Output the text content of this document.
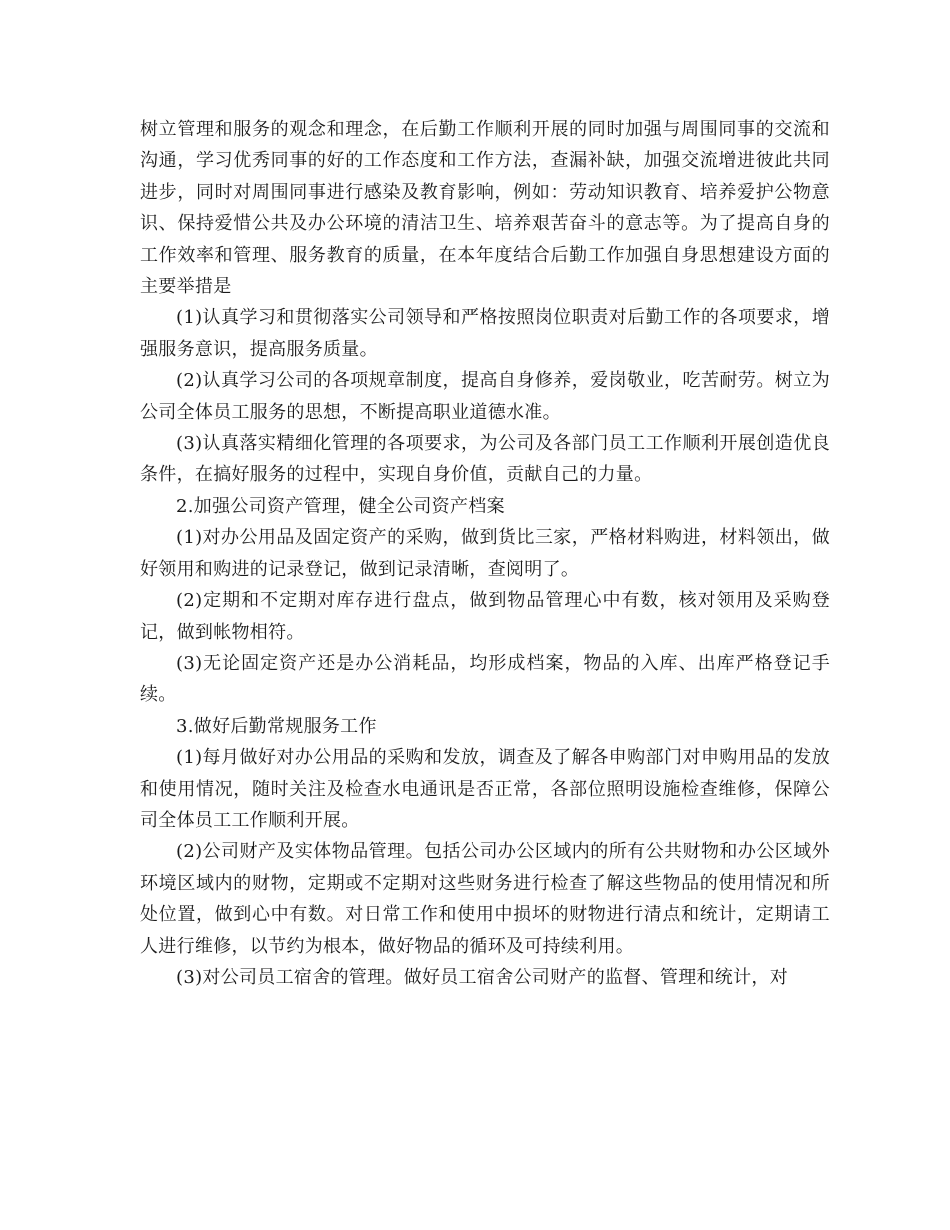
树立管理和服务的观念和理念，在后勤工作顺利开展的同时加强与周围同事的交流和沟通，学习优秀同事的好的工作态度和工作方法，查漏补缺，加强交流增进彼此共同进步，同时对周围同事进行感染及教育影响，例如：劳动知识教育、培养爱护公物意识、保持爱惜公共及办公环境的清洁卫生、培养艰苦奋斗的意志等。为了提高自身的工作效率和管理、服务教育的质量，在本年度结合后勤工作加强自身思想建设方面的主要举措是

(1)认真学习和贯彻落实公司领导和严格按照岗位职责对后勤工作的各项要求，增强服务意识，提高服务质量。

(2)认真学习公司的各项规章制度，提高自身修养，爱岗敬业，吃苦耐劳。树立为公司全体员工服务的思想，不断提高职业道德水准。

(3)认真落实精细化管理的各项要求，为公司及各部门员工工作顺利开展创造优良条件，在搞好服务的过程中，实现自身价值，贡献自己的力量。

2.加强公司资产管理，健全公司资产档案

(1)对办公用品及固定资产的采购，做到货比三家，严格材料购进，材料领出，做好领用和购进的记录登记，做到记录清晰，查阅明了。

(2)定期和不定期对库存进行盘点，做到物品管理心中有数，核对领用及采购登记，做到帐物相符。

(3)无论固定资产还是办公消耗品，均形成档案，物品的入库、出库严格登记手续。

3.做好后勤常规服务工作

(1)每月做好对办公用品的采购和发放，调查及了解各申购部门对申购用品的发放和使用情况，随时关注及检查水电通讯是否正常，各部位照明设施检查维修，保障公司全体员工工作顺利开展。

(2)公司财产及实体物品管理。包括公司办公区域内的所有公共财物和办公区域外环境区域内的财物，定期或不定期对这些财务进行检查了解这些物品的使用情况和所处位置，做到心中有数。对日常工作和使用中损坏的财物进行清点和统计，定期请工人进行维修，以节约为根本，做好物品的循环及可持续利用。

(3)对公司员工宿舍的管理。做好员工宿舍公司财产的监督、管理和统计，对
